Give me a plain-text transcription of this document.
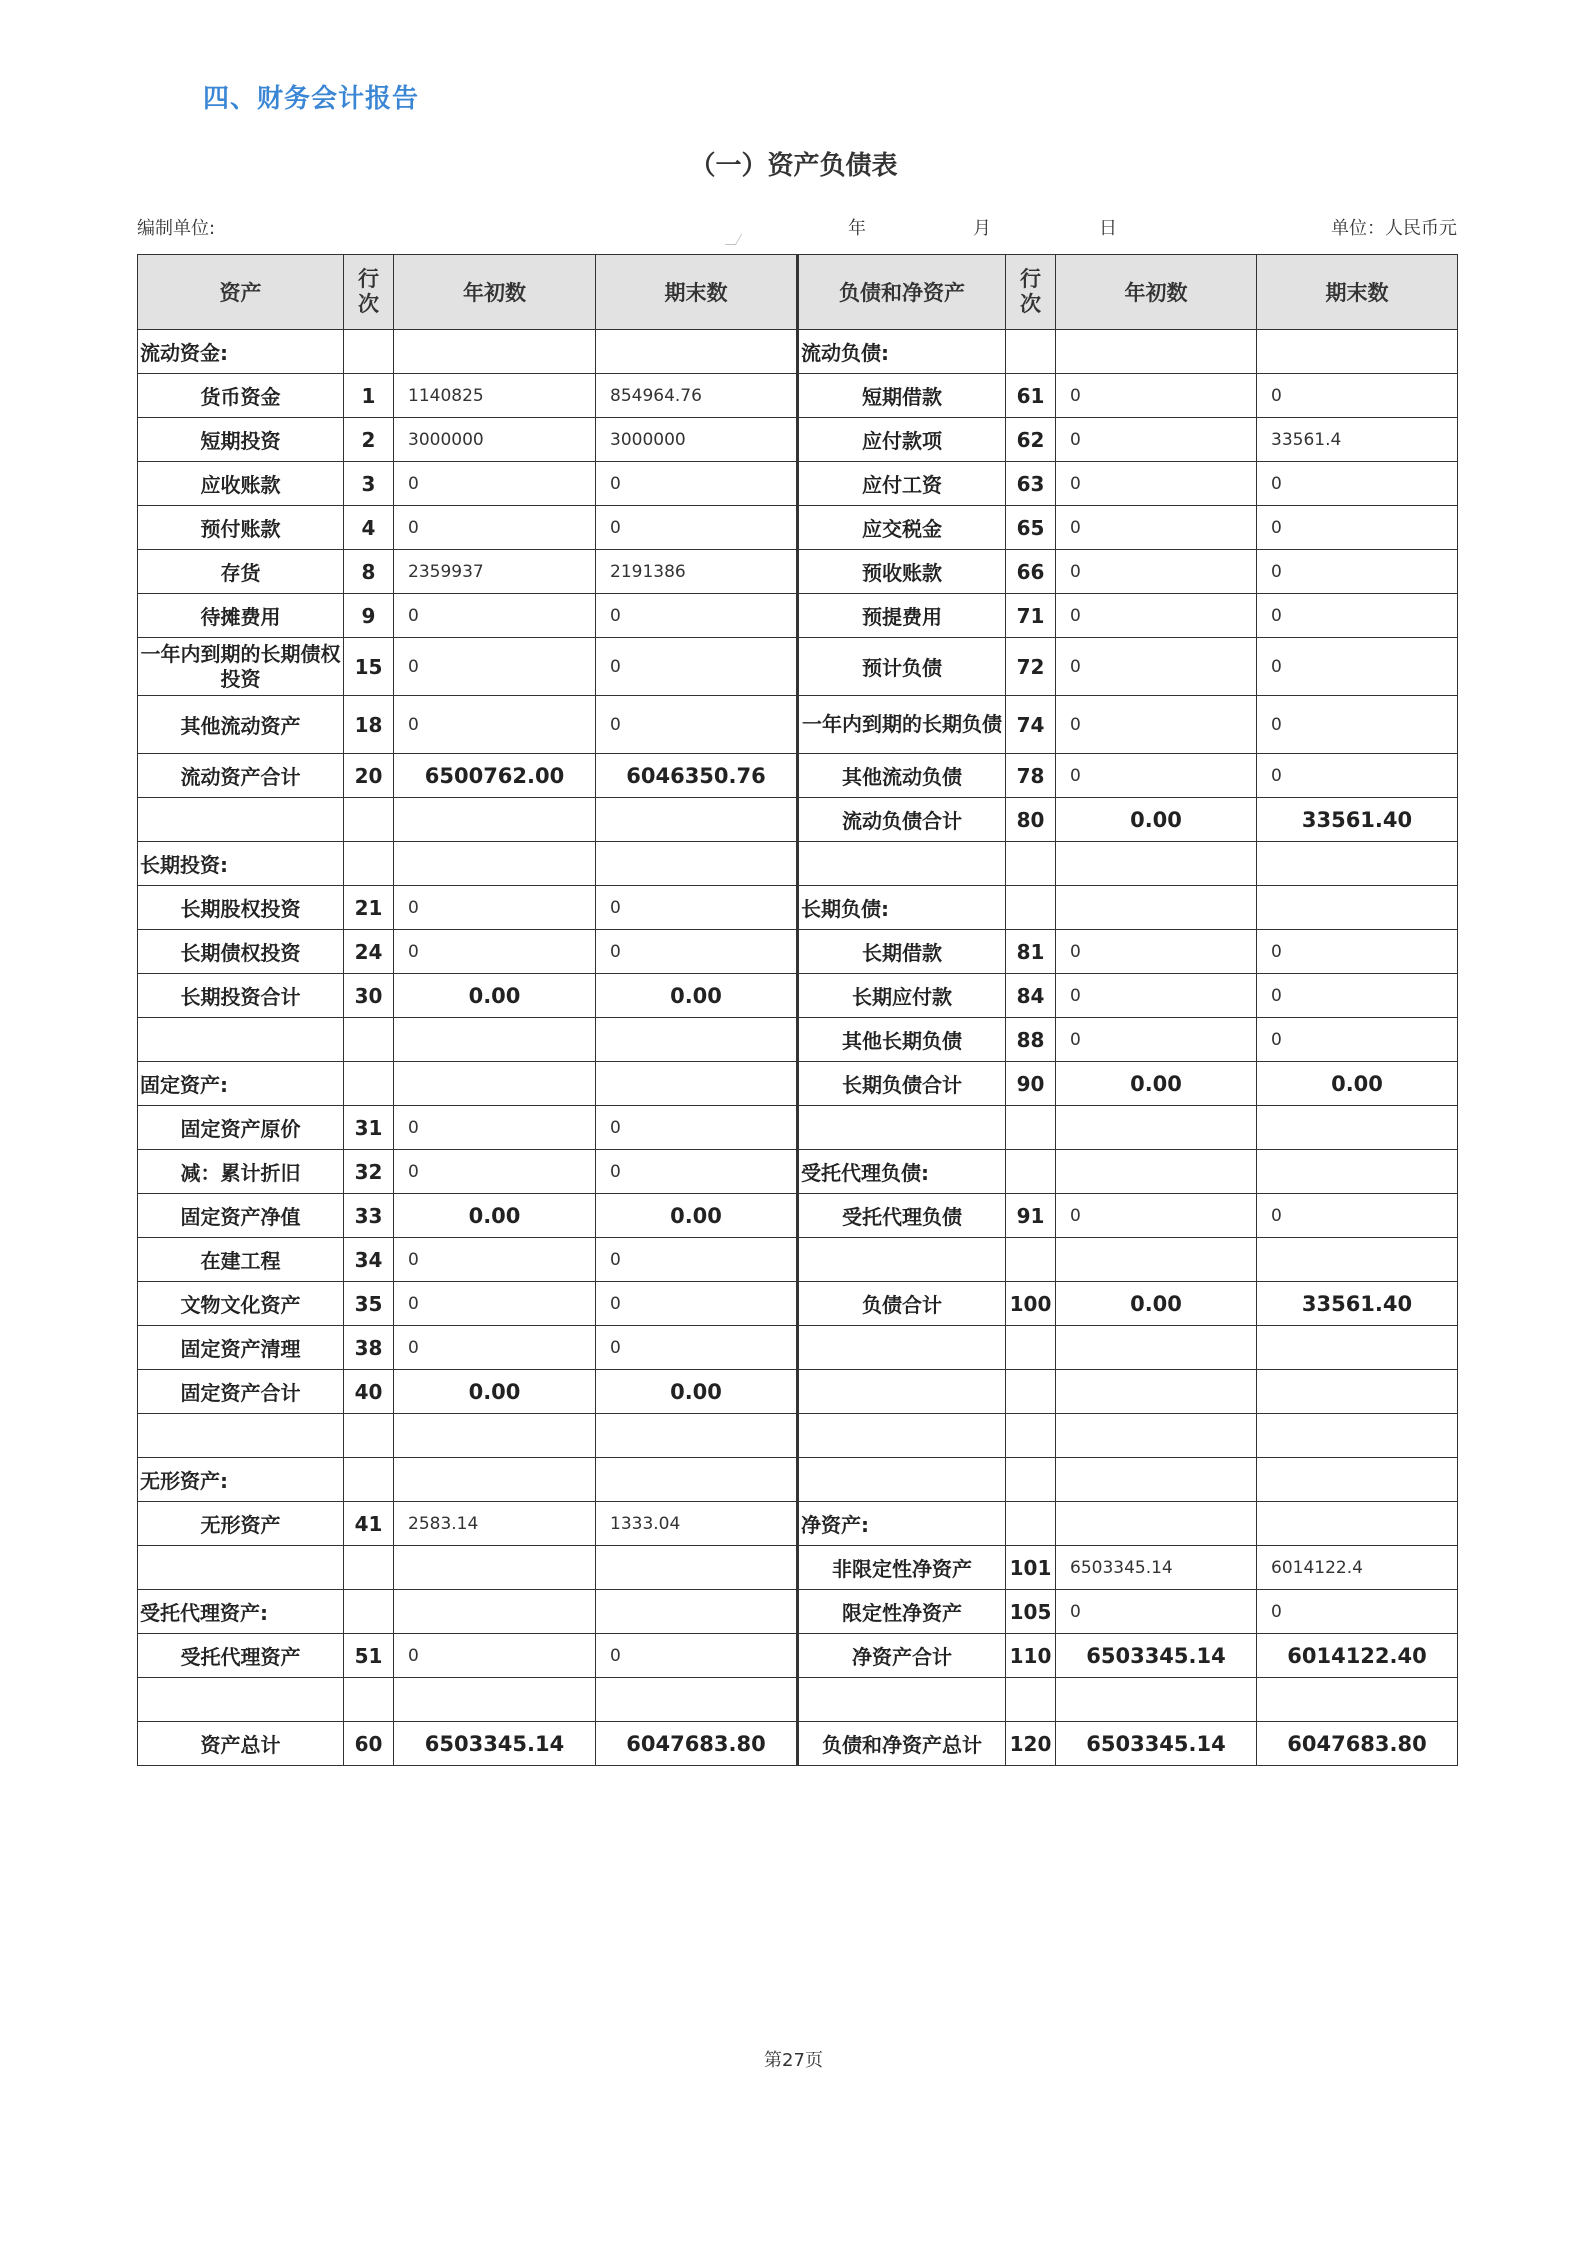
四、财务会计报告
（一）资产负债表
编制单位:	年	月	日	单位：人民币元
资产	行
次	年初数	期末数	负债和净资产	行
次	年初数	期末数
流动资金:				流动负债:			
货币资金	1	1140825	854964.76	短期借款	61	0	0
短期投资	2	3000000	3000000	应付款项	62	0	33561.4
应收账款	3	0	0	应付工资	63	0	0
预付账款	4	0	0	应交税金	65	0	0
存货	8	2359937	2191386	预收账款	66	0	0
待摊费用	9	0	0	预提费用	71	0	0
一年内到期的长期债权投资	15	0	0	预计负债	72	0	0
其他流动资产	18	0	0	一年内到期的长期负债	74	0	0
流动资产合计	20	6500762.00	6046350.76	其他流动负债	78	0	0
				流动负债合计	80	0.00	33561.40
长期投资:							
长期股权投资	21	0	0	长期负债:			
长期债权投资	24	0	0	长期借款	81	0	0
长期投资合计	30	0.00	0.00	长期应付款	84	0	0
				其他长期负债	88	0	0
固定资产:				长期负债合计	90	0.00	0.00
固定资产原价	31	0	0				
减：累计折旧	32	0	0	受托代理负债:			
固定资产净值	33	0.00	0.00	受托代理负债	91	0	0
在建工程	34	0	0				
文物文化资产	35	0	0	负债合计	100	0.00	33561.40
固定资产清理	38	0	0				
固定资产合计	40	0.00	0.00				

无形资产:							
无形资产	41	2583.14	1333.04	净资产:			
				非限定性净资产	101	6503345.14	6014122.4
受托代理资产:				限定性净资产	105	0	0
受托代理资产	51	0	0	净资产合计	110	6503345.14	6014122.40

资产总计	60	6503345.14	6047683.80	负债和净资产总计	120	6503345.14	6047683.80
第27页
